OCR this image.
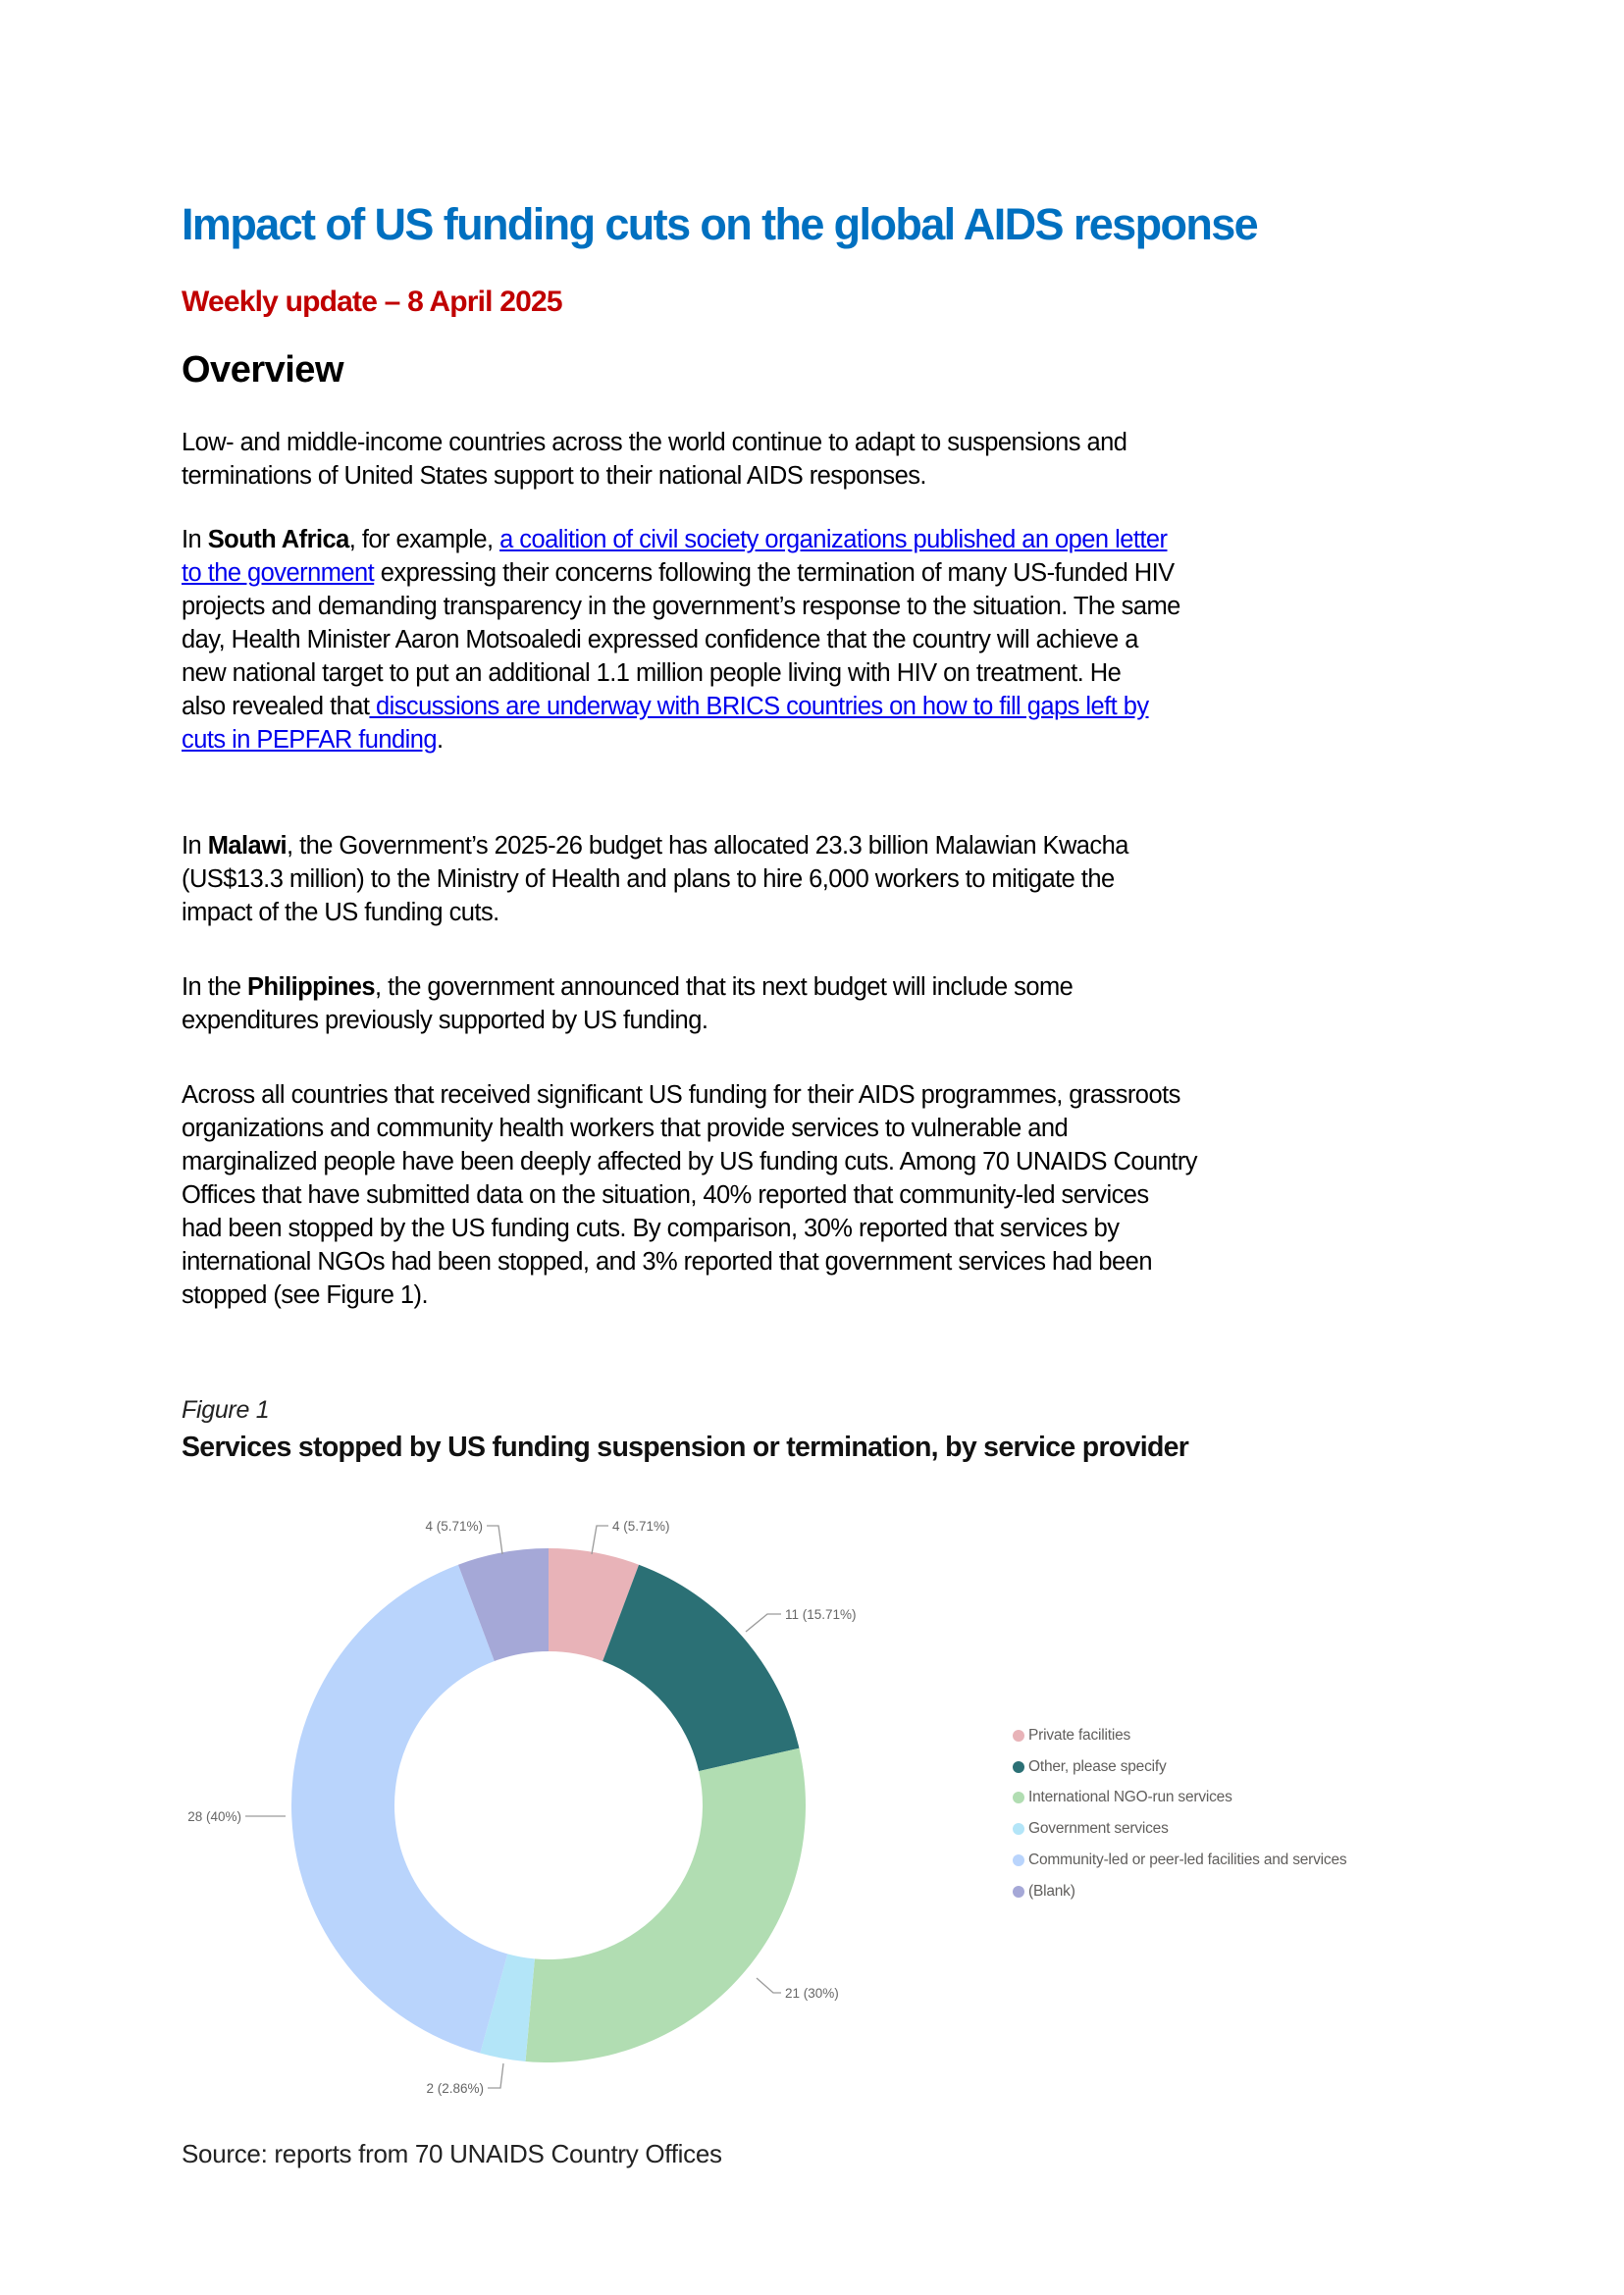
Impact of US funding cuts on the global AIDS response
Weekly update – 8 April 2025
Overview
Low- and middle-income countries across the world continue to adapt to suspensions and
terminations of United States support to their national AIDS responses.
In South Africa, for example, a coalition of civil society organizations published an open letter
to the government expressing their concerns following the termination of many US-funded HIV
projects and demanding transparency in the government’s response to the situation. The same
day, Health Minister Aaron Motsoaledi expressed confidence that the country will achieve a
new national target to put an additional 1.1 million people living with HIV on treatment. He
also revealed that discussions are underway with BRICS countries on how to fill gaps left by
cuts in PEPFAR funding.
In Malawi, the Government’s 2025-26 budget has allocated 23.3 billion Malawian Kwacha
(US$13.3 million) to the Ministry of Health and plans to hire 6,000 workers to mitigate the
impact of the US funding cuts.
In the Philippines, the government announced that its next budget will include some
expenditures previously supported by US funding.
Across all countries that received significant US funding for their AIDS programmes, grassroots
organizations and community health workers that provide services to vulnerable and
marginalized people have been deeply affected by US funding cuts. Among 70 UNAIDS Country
Offices that have submitted data on the situation, 40% reported that community-led services
had been stopped by the US funding cuts. By comparison, 30% reported that services by
international NGOs had been stopped, and 3% reported that government services had been
stopped (see Figure 1).
Figure 1
Services stopped by US funding suspension or termination, by service provider
4 (5.71%)
11 (15.71%)
21 (30%)
2 (2.86%)
28 (40%)
4 (5.71%)
Private facilities
Other, please specify
International NGO-run services
Government services
Community-led or peer-led facilities and services
(Blank)
Source: reports from 70 UNAIDS Country Offices
